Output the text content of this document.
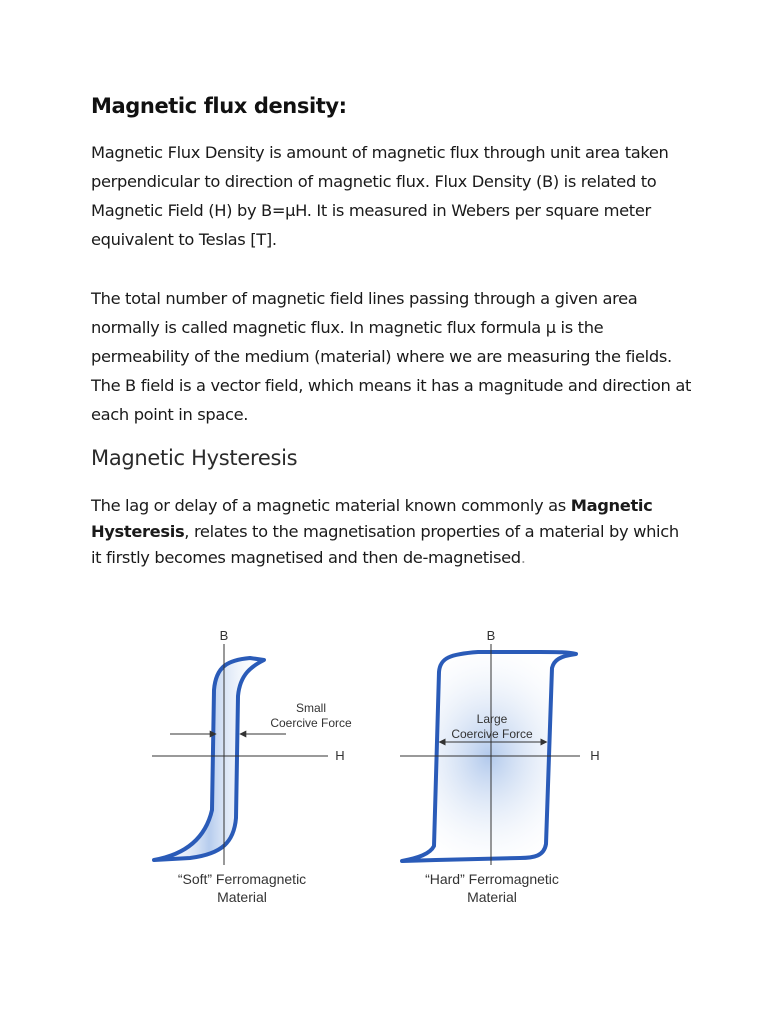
Magnetic flux density:

Magnetic Flux Density is amount of magnetic flux through unit area taken perpendicular to direction of magnetic flux. Flux Density (B) is related to Magnetic Field (H) by B=µH. It is measured in Webers per square meter equivalent to Teslas [T].

The total number of magnetic field lines passing through a given area normally is called magnetic flux. In magnetic flux formula µ is the permeability of the medium (material) where we are measuring the fields. The B field is a vector field, which means it has a magnitude and direction at each point in space.

Magnetic Hysteresis

The lag or delay of a magnetic material known commonly as Magnetic Hysteresis, relates to the magnetisation properties of a material by which it firstly becomes magnetised and then de-magnetised.

B
H
Small
Coercive Force
“Soft” Ferromagnetic
Material
B
H
Large
Coercive Force
“Hard” Ferromagnetic
Material
